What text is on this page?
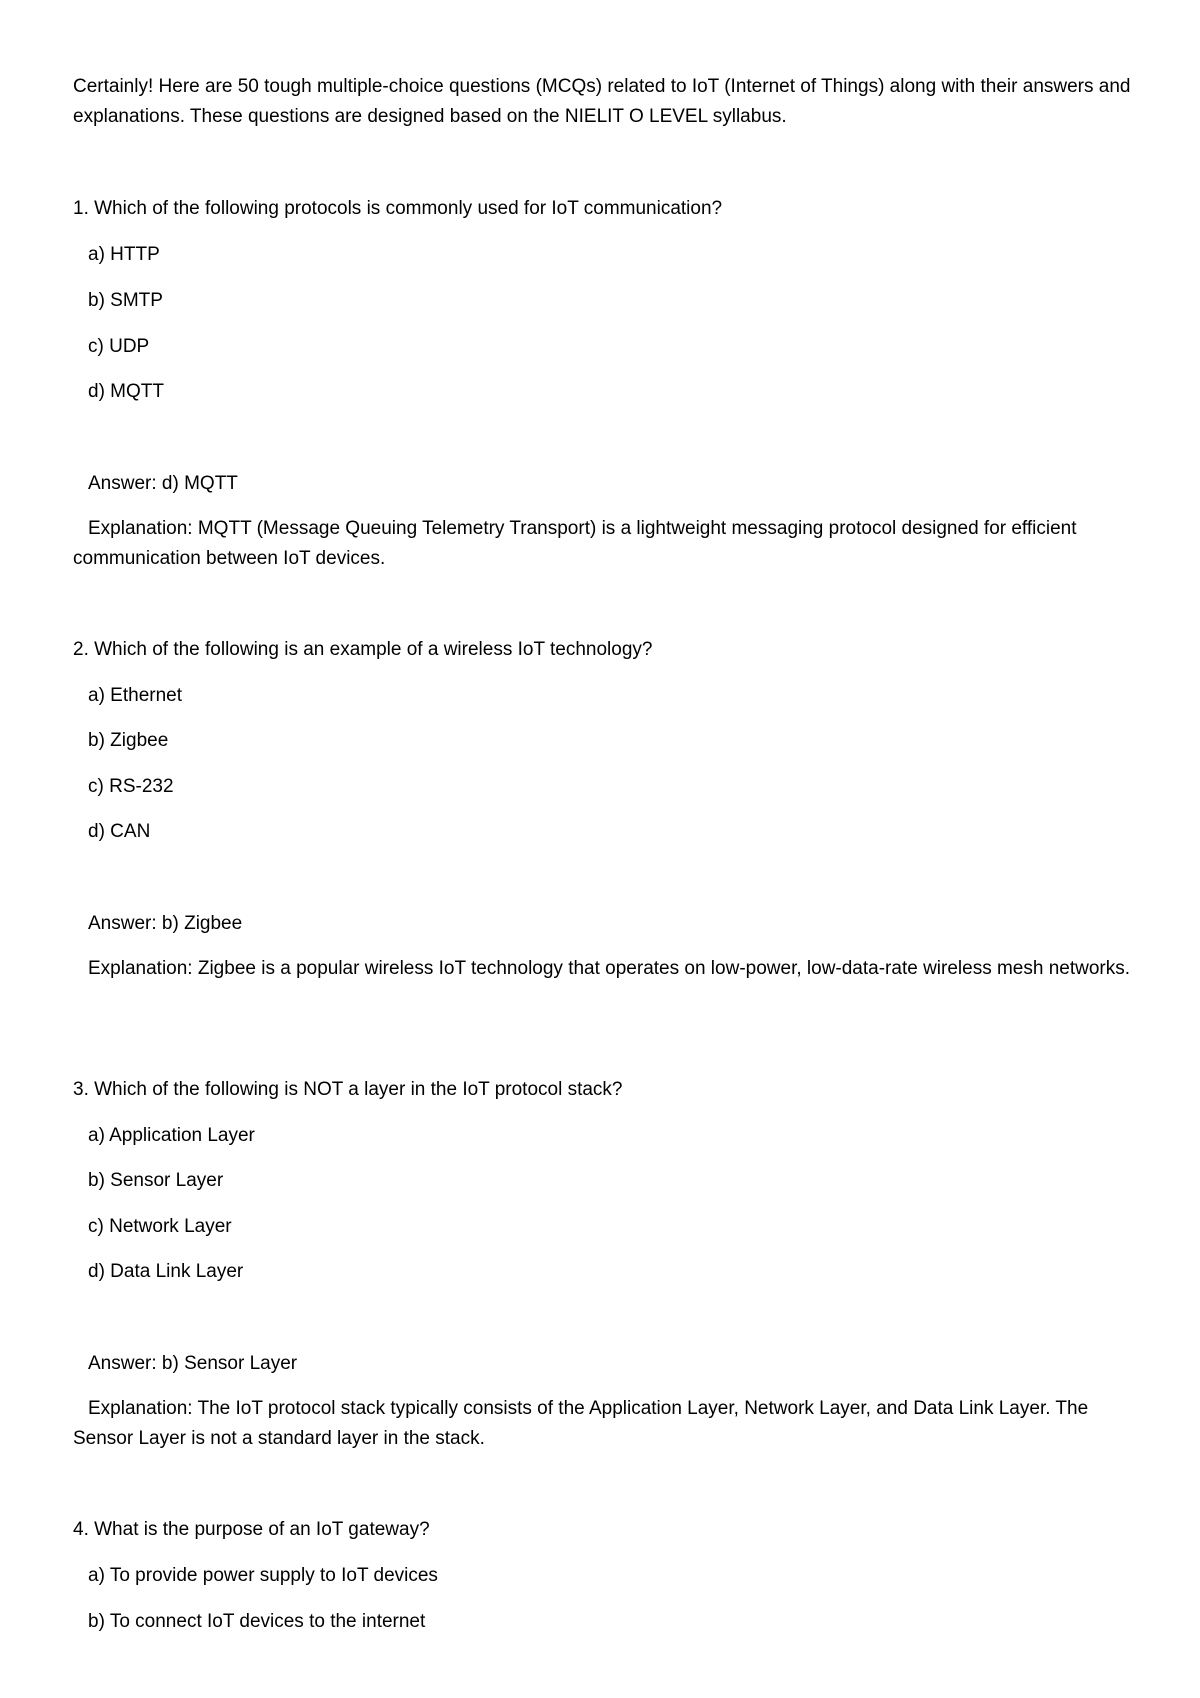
Certainly! Here are 50 tough multiple-choice questions (MCQs) related to IoT (Internet of Things) along with their answers and explanations. These questions are designed based on the NIELIT O LEVEL syllabus.
1. Which of the following protocols is commonly used for IoT communication?
a) HTTP
b) SMTP
c) UDP
d) MQTT
Answer: d) MQTT
Explanation: MQTT (Message Queuing Telemetry Transport) is a lightweight messaging protocol designed for efficient communication between IoT devices.
2. Which of the following is an example of a wireless IoT technology?
a) Ethernet
b) Zigbee
c) RS-232
d) CAN
Answer: b) Zigbee
Explanation: Zigbee is a popular wireless IoT technology that operates on low-power, low-data-rate wireless mesh networks.
3. Which of the following is NOT a layer in the IoT protocol stack?
a) Application Layer
b) Sensor Layer
c) Network Layer
d) Data Link Layer
Answer: b) Sensor Layer
Explanation: The IoT protocol stack typically consists of the Application Layer, Network Layer, and Data Link Layer. The Sensor Layer is not a standard layer in the stack.
4. What is the purpose of an IoT gateway?
a) To provide power supply to IoT devices
b) To connect IoT devices to the internet
